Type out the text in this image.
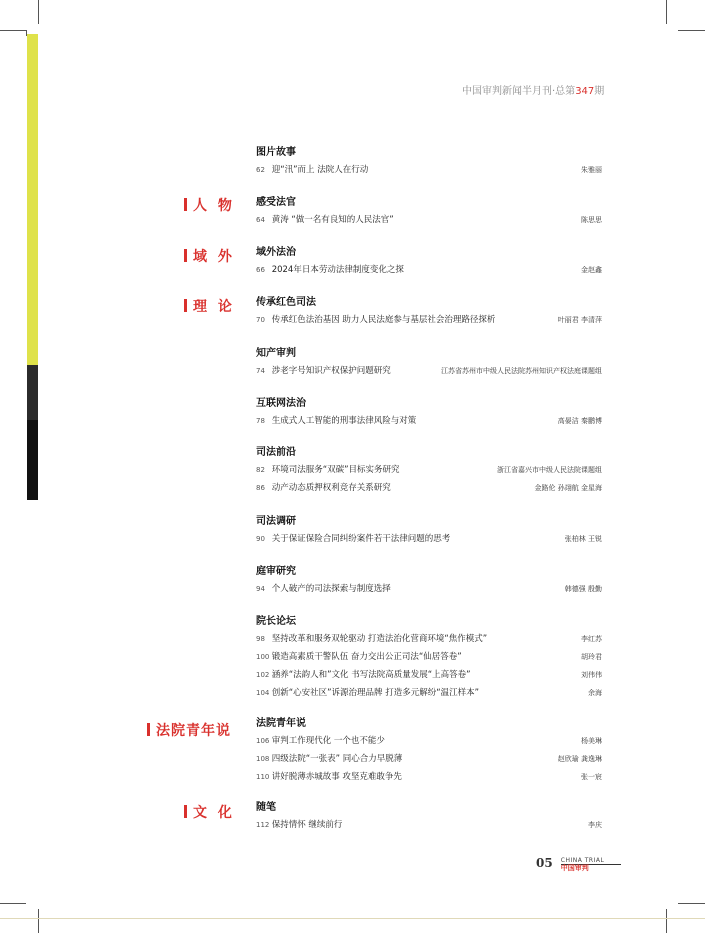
中国审判新闻半月刊·总第347期
人 物
域 外
理 论
法院青年说
文 化
图片故事
62 迎“汛”而上 法院人在行动	朱雅丽
感受法官
64 黄涛 “做一名有良知的人民法官”	陈思思
域外法治
66 2024年日本劳动法律制度变化之探	金赵鑫
传承红色司法
70 传承红色法治基因 助力人民法庭参与基层社会治理路径探析	叶丽君 李清萍
知产审判
74 涉老字号知识产权保护问题研究	江苏省苏州市中级人民法院苏州知识产权法庭课题组
互联网法治
78 生成式人工智能的刑事法律风险与对策	高晏洁 秦鹏博
司法前沿
82 环境司法服务“双碳”目标实务研究	浙江省嘉兴市中级人民法院课题组
86 动产动态质押权利竞存关系研究	金路伦 孙翊航 金星海
司法调研
90 关于保证保险合同纠纷案件若干法律问题的思考	张柏林 王锐
庭审研究
94 个人破产的司法探索与制度选择	韩德强 殷勤
院长论坛
98 坚持改革和服务双轮驱动 打造法治化营商环境“焦作模式”	李红苏
100 锻造高素质干警队伍 奋力交出公正司法“仙居答卷”	胡玲君
102 涵养“法韵人和”文化 书写法院高质量发展“上高答卷”	刘伟伟
104 创新“心安社区”诉源治理品牌 打造多元解纷“温江样本”	余海
法院青年说
106 审判工作现代化 一个也不能少	杨美琳
108 四级法院“一张表” 同心合力早脱薄	赵欣瑜 龚逸琳
110 讲好脱薄赤城故事 攻坚克难敢争先	张一宸
随笔
112 保持情怀 继续前行	李庆
05 CHINA TRIAL
中国审判
